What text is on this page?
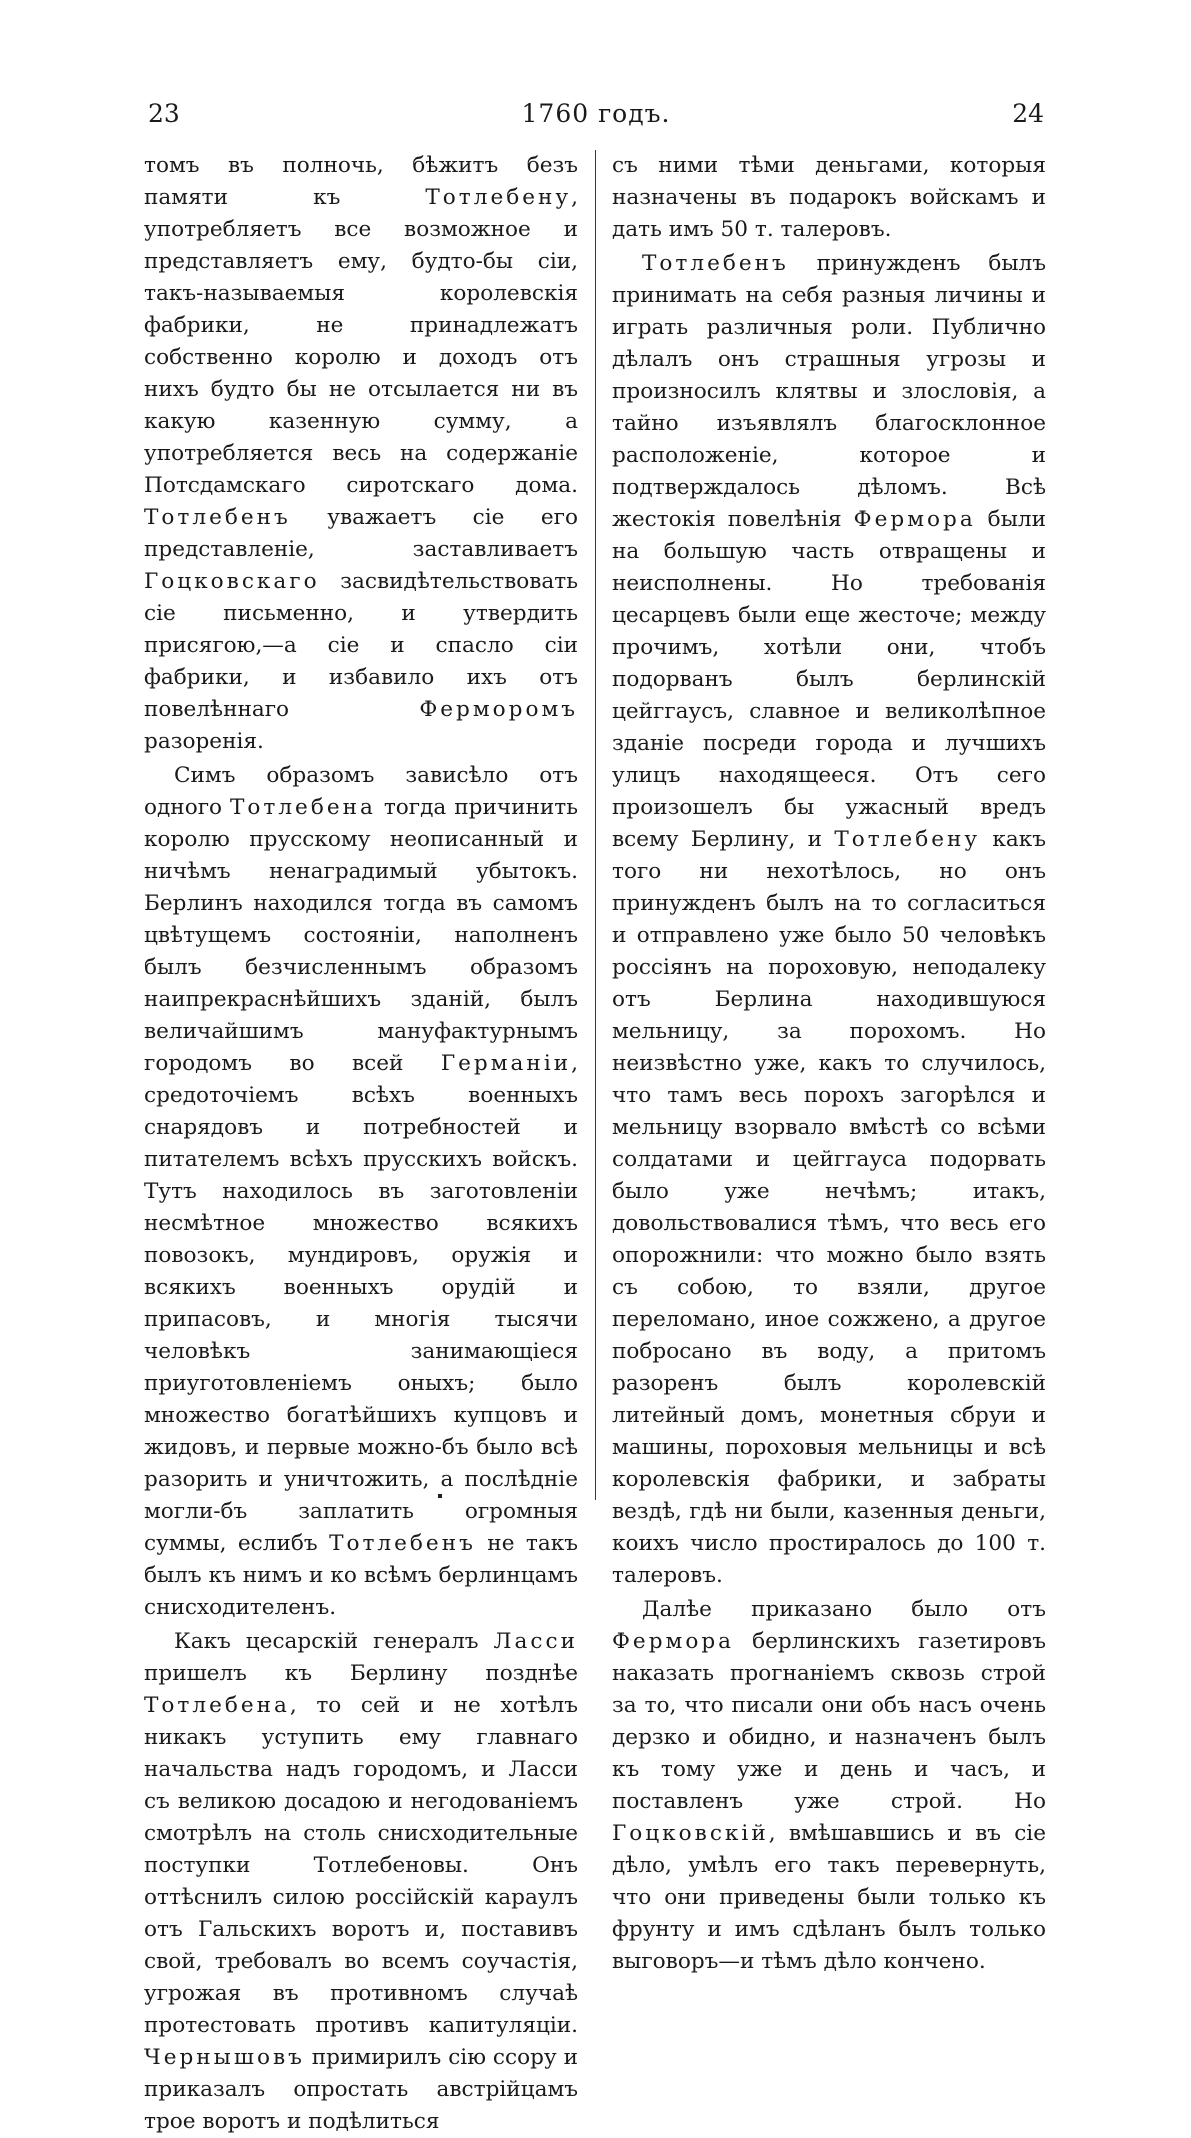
23	1760 годъ.	24

томъ въ полночь, бѣжитъ безъ памяти къ Тотлебену, употребляетъ все возможное и представляетъ ему, будто-бы сіи, такъ-называемыя королевскія фабрики, не принадлежатъ собственно королю и доходъ отъ нихъ будто бы не отсылается ни въ какую казенную сумму, а употребляется весь на содержаніе Потсдамскаго сиротскаго дома. Тотлебенъ уважаетъ сіе его представленіе, заставливаетъ Гоцковскаго засвидѣтельствовать сіе письменно, и утвердить присягою,—а сіе и спасло сіи фабрики, и избавило ихъ отъ повелѣннаго Ферморомъ разоренія.

Симъ образомъ зависѣло отъ одного Тотлебена тогда причинить королю прусскому неописанный и ничѣмъ ненаградимый убытокъ. Берлинъ находился тогда въ самомъ цвѣтущемъ состояніи, наполненъ былъ безчисленнымъ образомъ наипрекраснѣйшихъ зданій, былъ величайшимъ мануфактурнымъ городомъ во всей Германіи, средоточіемъ всѣхъ военныхъ снарядовъ и потребностей и питателемъ всѣхъ прусскихъ войскъ. Тутъ находилось въ заготовленіи несмѣтное множество всякихъ повозокъ, мундировъ, оружія и всякихъ военныхъ орудій и припасовъ, и многія тысячи человѣкъ занимающіеся приуготовленіемъ оныхъ; было множество богатѣйшихъ купцовъ и жидовъ, и первые можно-бъ было всѣ разорить и уничтожить, а послѣдніе могли-бъ заплатить огромныя суммы, еслибъ Тотлебенъ не такъ былъ къ нимъ и ко всѣмъ берлинцамъ снисходителенъ.

Какъ цесарскій генералъ Ласси пришелъ къ Берлину позднѣе Тотлебена, то сей и не хотѣлъ никакъ уступить ему главнаго начальства надъ городомъ, и Ласси съ великою досадою и негодованіемъ смотрѣлъ на столь снисходительные поступки Тотлебеновы. Онъ оттѣснилъ силою россійскій караулъ отъ Гальскихъ воротъ и, поставивъ свой, требовалъ во всемъ соучастія, угрожая въ противномъ случаѣ протестовать противъ капитуляціи. Чернышовъ примирилъ сію ссору и приказалъ опростать австрійцамъ трое воротъ и подѣлиться

съ ними тѣми деньгами, которыя назначены въ подарокъ войскамъ и дать имъ 50 т. талеровъ.

Тотлебенъ принужденъ былъ принимать на себя разныя личины и играть различныя роли. Публично дѣлалъ онъ страшныя угрозы и произносилъ клятвы и злословія, а тайно изъявлялъ благосклонное расположеніе, которое и подтверждалось дѣломъ. Всѣ жестокія повелѣнія Фермора были на большую часть отвращены и неисполнены. Но требованія цесарцевъ были еще жесточе; между прочимъ, хотѣли они, чтобъ подорванъ былъ берлинскій цейггаусъ, славное и великолѣпное зданіе посреди города и лучшихъ улицъ находящееся. Отъ сего произошелъ бы ужасный вредъ всему Берлину, и Тотлебену какъ того ни нехотѣлось, но онъ принужденъ былъ на то согласиться и отправлено уже было 50 человѣкъ россіянъ на пороховую, неподалеку отъ Берлина находившуюся мельницу, за порохомъ. Но неизвѣстно уже, какъ то случилось, что тамъ весь порохъ загорѣлся и мельницу взорвало вмѣстѣ со всѣми солдатами и цейггауса подорвать было уже нечѣмъ; итакъ, довольствовалися тѣмъ, что весь его опорожнили: что можно было взять съ собою, то взяли, другое переломано, иное сожжено, а другое побросано въ воду, а притомъ разоренъ былъ королевскій литейный домъ, монетныя сбруи и машины, пороховыя мельницы и всѣ королевскія фабрики, и забраты вездѣ, гдѣ ни были, казенныя деньги, коихъ число простиралось до 100 т. талеровъ.

Далѣе приказано было отъ Фермора берлинскихъ газетировъ наказать прогнаніемъ сквозь строй за то, что писали они объ насъ очень дерзко и обидно, и назначенъ былъ къ тому уже и день и часъ, и поставленъ уже строй. Но Гоцковскій, вмѣшавшись и въ сіе дѣло, умѣлъ его такъ перевернуть, что они приведены были только къ фрунту и имъ сдѣланъ былъ только выговоръ—и тѣмъ дѣло кончено.
